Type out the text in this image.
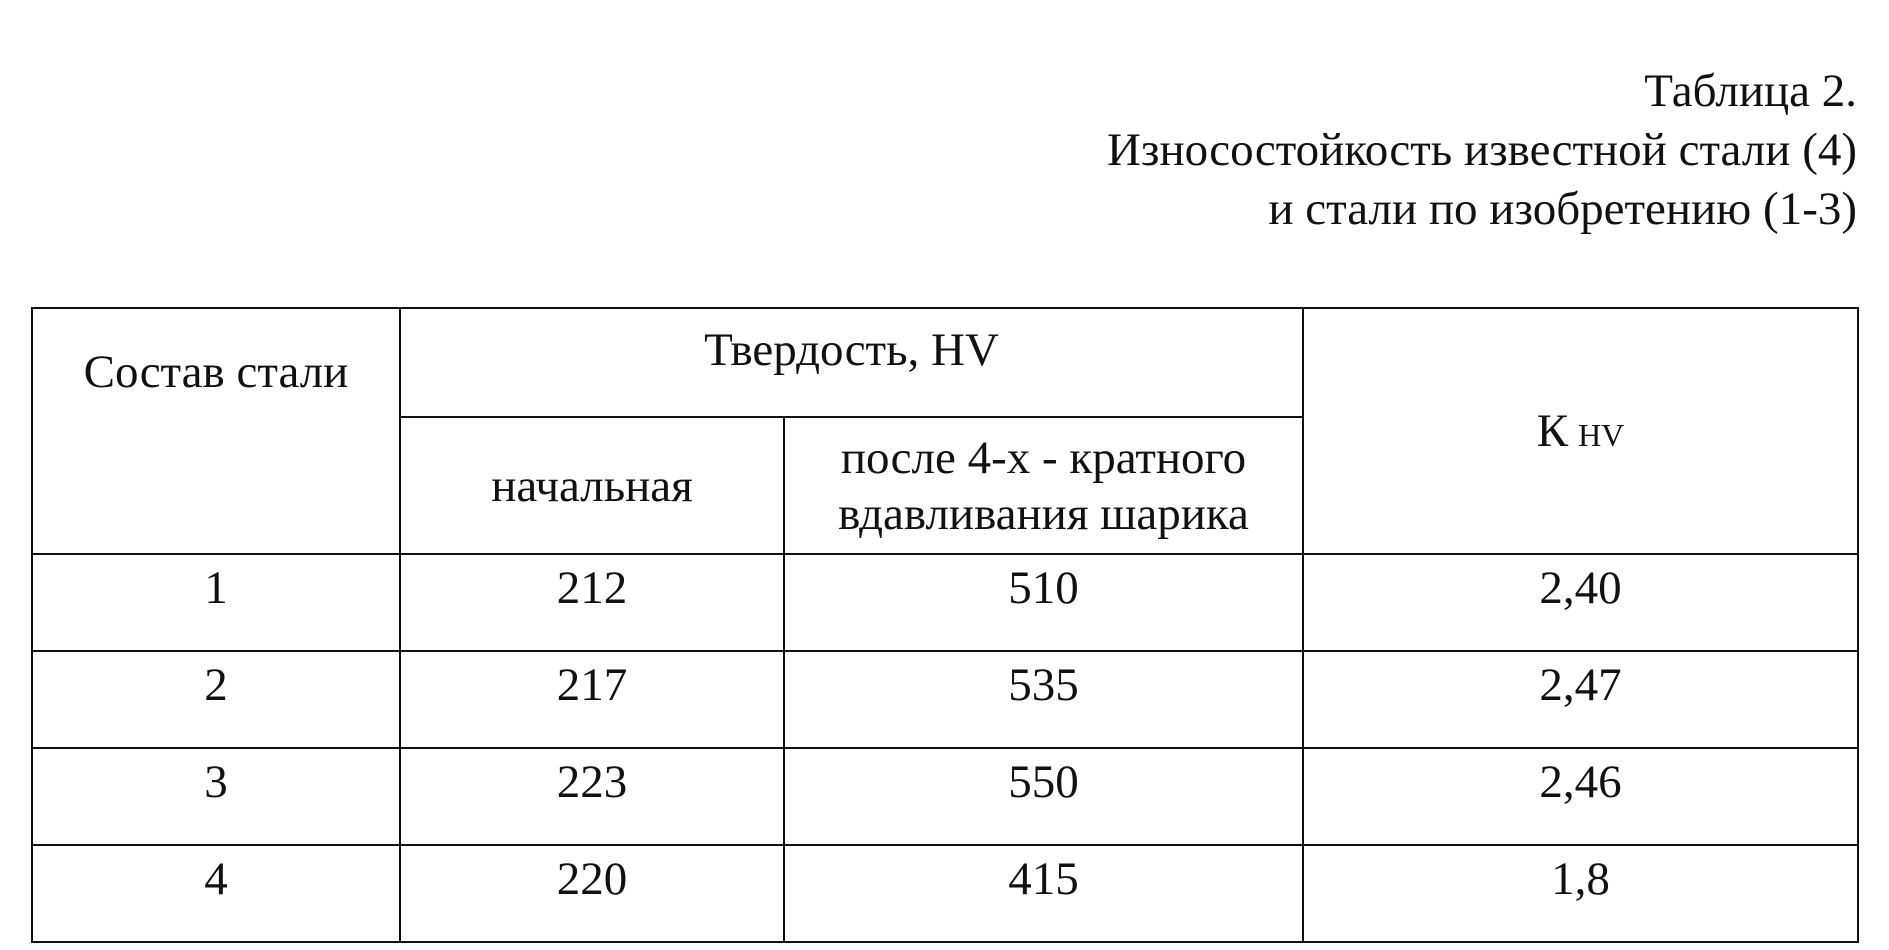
Таблица 2.
Износостойкость известной стали (4)
и стали по изобретению (1-3)
Состав стали	Твердость, HV		К HV
	начальная	после 4-х - кратного
вдавливания шарика	

1	212	510	2,40
2	217	535	2,47
3	223	550	2,46
4	220	415	1,8
